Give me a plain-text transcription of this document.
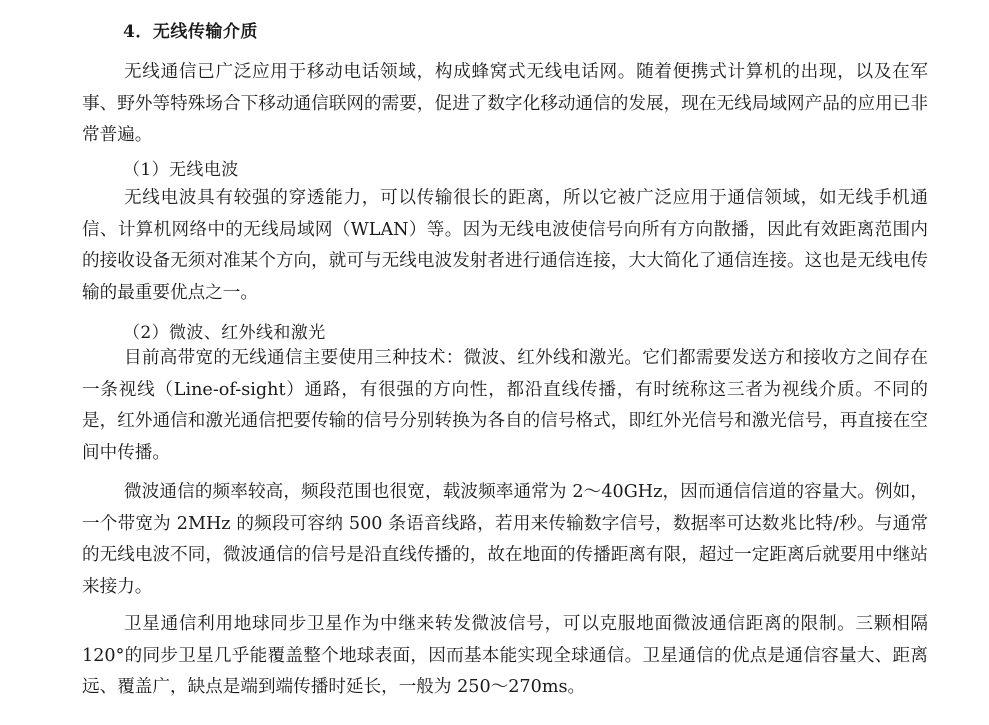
4．无线传输介质

无线通信已广泛应用于移动电话领域，构成蜂窝式无线电话网。随着便携式计算机的出现，以及在军事、野外等特殊场合下移动通信联网的需要，促进了数字化移动通信的发展，现在无线局域网产品的应用已非常普遍。

（1）无线电波

无线电波具有较强的穿透能力，可以传输很长的距离，所以它被广泛应用于通信领域，如无线手机通信、计算机网络中的无线局域网（WLAN）等。因为无线电波使信号向所有方向散播，因此有效距离范围内的接收设备无须对准某个方向，就可与无线电波发射者进行通信连接，大大简化了通信连接。这也是无线电传输的最重要优点之一。

（2）微波、红外线和激光

目前高带宽的无线通信主要使用三种技术：微波、红外线和激光。它们都需要发送方和接收方之间存在一条视线（Line-of-sight）通路，有很强的方向性，都沿直线传播，有时统称这三者为视线介质。不同的是，红外通信和激光通信把要传输的信号分别转换为各自的信号格式，即红外光信号和激光信号，再直接在空间中传播。

微波通信的频率较高，频段范围也很宽，载波频率通常为 2～40GHz，因而通信信道的容量大。例如，一个带宽为 2MHz 的频段可容纳 500 条语音线路，若用来传输数字信号，数据率可达数兆比特/秒。与通常的无线电波不同，微波通信的信号是沿直线传播的，故在地面的传播距离有限，超过一定距离后就要用中继站来接力。

卫星通信利用地球同步卫星作为中继来转发微波信号，可以克服地面微波通信距离的限制。三颗相隔 120°的同步卫星几乎能覆盖整个地球表面，因而基本能实现全球通信。卫星通信的优点是通信容量大、距离远、覆盖广，缺点是端到端传播时延长，一般为 250～270ms。
